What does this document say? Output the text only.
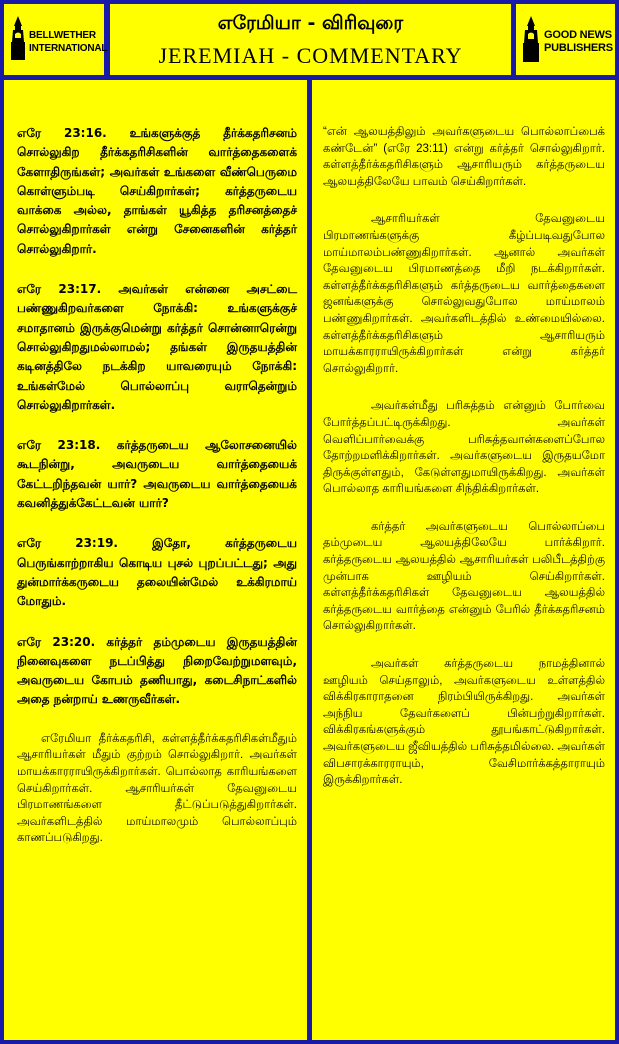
BELLWETHER INTERNATIONAL
எரேமியா - விரிவுரை
JEREMIAH - COMMENTARY
GOOD NEWS
PUBLISHERS

எரே 23:16. உங்களுக்குத் தீர்க்கதரிசனம் சொல்லுகிற தீர்க்கதரிசிகளின் வார்த்தைகளைக் கேளாதிருங்கள்; அவர்கள் உங்களை வீண்பெருமை கொள்ளும்படி செய்கிறார்கள்; கர்த்தருடைய வாக்கை அல்ல, தாங்கள் யூகித்த தரிசனத்தைச் சொல்லுகிறார்கள் என்று சேனைகளின் கர்த்தர் சொல்லுகிறார்.

எரே 23:17. அவர்கள் என்னை அசட்டை பண்ணுகிறவர்களை நோக்கி: உங்களுக்குச் சமாதானம் இருக்குமென்று கர்த்தர் சொன்னாரென்று சொல்லுகிறதுமல்லாமல்; தங்கள் இருதயத்தின் கடினத்திலே நடக்கிற யாவரையும் நோக்கி: உங்கள்மேல் பொல்லாப்பு வராதென்றும் சொல்லுகிறார்கள்.

எரே 23:18. கர்த்தருடைய ஆலோசனையில் கூடநின்று, அவருடைய வார்த்தையைக் கேட்டறிந்தவன் யார்? அவருடைய வார்த்தையைக் கவனித்துக்கேட்டவன் யார்?

எரே 23:19. இதோ, கர்த்தருடைய பெருங்காற்றாகிய கொடிய புசல் புறப்பட்டது; அது துன்மார்க்கருடைய தலையின்மேல் உக்கிரமாய் மோதும்.

எரே 23:20. கர்த்தர் தம்முடைய இருதயத்தின் நினைவுகளை நடப்பித்து நிறைவேற்றுமளவும், அவருடைய கோபம் தணியாது, கடைசிநாட்களில் அதை நன்றாய் உணருவீர்கள்.

எரேமியா தீர்க்கதரிசி, கள்ளத்தீர்க்கதரிசிகள்மீதும் ஆசாரியர்கள் மீதும் குற்றம் சொல்லுகிறார். அவர்கள் மாயக்காரராயிருக்கிறார்கள். பொல்லாத காரியங்களை செய்கிறார்கள். ஆசாரியர்கள் தேவனுடைய பிரமாணங்களை தீட்டுப்படுத்துகிறார்கள். அவர்களிடத்தில் மாய்மாலமும் பொல்லாப்பும் காணப்படுகிறது.

“என் ஆலயத்திலும் அவர்களுடைய பொல்லாப்பைக் கண்டேன்” (எரே 23:11) என்று கர்த்தர் சொல்லுகிறார். கள்ளத்தீர்க்கதரிசிகளும் ஆசாரியரும் கர்த்தருடைய ஆலயத்திலேயே பாவம் செய்கிறார்கள்.

ஆசாரியர்கள் தேவனுடைய பிரமாணங்களுக்கு கீழ்ப்படிவதுபோல மாய்மாலம்பண்ணுகிறார்கள். ஆனால் அவர்கள் தேவனுடைய பிரமாணத்தை மீறி நடக்கிறார்கள். கள்ளத்தீர்க்கதரிசிகளும் கர்த்தருடைய வார்த்தைகளை ஜனங்களுக்கு சொல்லுவதுபோல மாய்மாலம் பண்ணுகிறார்கள். அவர்களிடத்தில் உண்மையில்லை. கள்ளத்தீர்க்கதரிசிகளும் ஆசாரியரும் மாயக்காரராயிருக்கிறார்கள் என்று கர்த்தர் சொல்லுகிறார்.

அவர்கள்மீது பரிசுத்தம் என்னும் போர்வை போர்த்தப்பட்டிருக்கிறது. அவர்கள் வெளிப்பார்வைக்கு பரிசுத்தவான்களைப்போல தோற்றமளிக்கிறார்கள். அவர்களுடைய இருதயமோ திருக்குள்ளதும், கேடுள்ளதுமாயிருக்கிறது. அவர்கள் பொல்லாத காரியங்களை சிந்திக்கிறார்கள்.

கர்த்தர் அவர்களுடைய பொல்லாப்பை தம்முடைய ஆலயத்திலேயே பார்க்கிறார். கர்த்தருடைய ஆலயத்தில் ஆசாரியர்கள் பலிபீடத்திற்கு முன்பாக ஊழியம் செய்கிறார்கள். கள்ளத்தீர்க்கதரிசிகள் தேவனுடைய ஆலயத்தில் கர்த்தருடைய வார்த்தை என்னும் பேரில் தீர்க்கதரிசனம் சொல்லுகிறார்கள்.

அவர்கள் கர்த்தருடைய நாமத்தினால் ஊழியம் செய்தாலும், அவர்களுடைய உள்ளத்தில் விக்கிரகாராதனை நிரம்பியிருக்கிறது. அவர்கள் அந்நிய தேவர்களைப் பின்பற்றுகிறார்கள். விக்கிரகங்களுக்கும் தூபங்காட்டுகிறார்கள். அவர்களுடைய ஜீவியத்தில் பரிசுத்தமில்லை. அவர்கள் விபசாரக்காரராயும், வேசிமார்க்கத்தாராயும் இருக்கிறார்கள்.
